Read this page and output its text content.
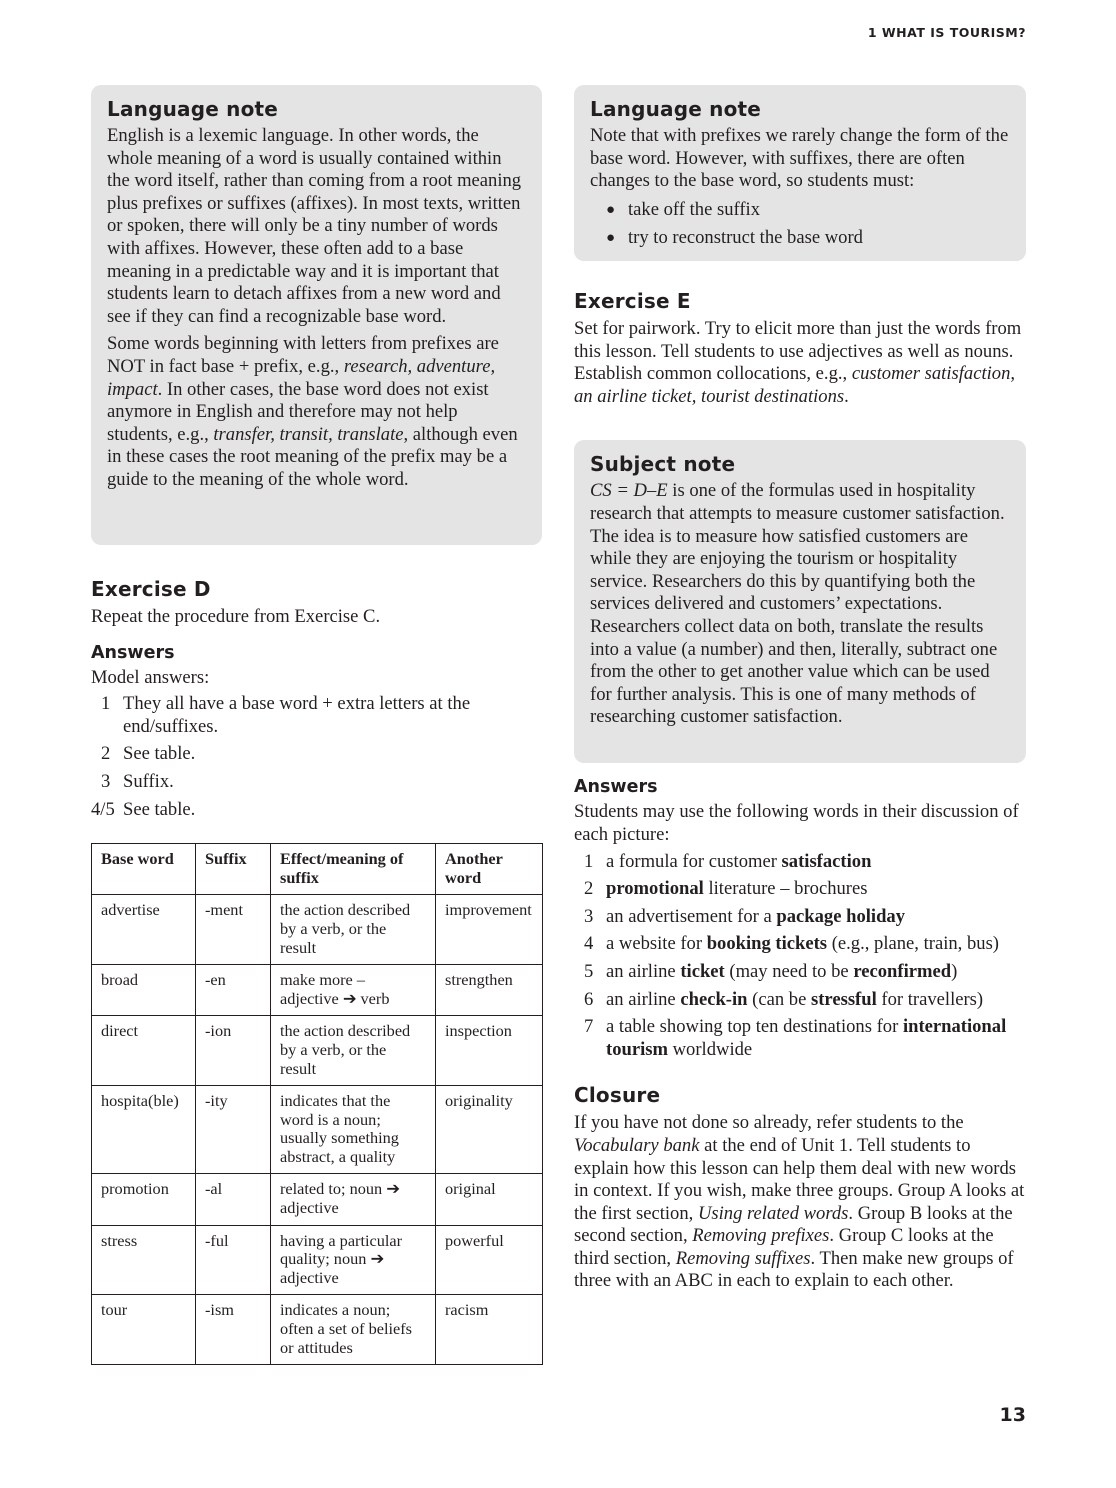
1 WHAT IS TOURISM?
Language note

English is a lexemic language. In other words, the whole meaning of a word is usually contained within the word itself, rather than coming from a root meaning plus prefixes or suffixes (affixes). In most texts, written or spoken, there will only be a tiny number of words with affixes. However, these often add to a base meaning in a predictable way and it is important that students learn to detach affixes from a new word and see if they can find a recognizable base word.

Some words beginning with letters from prefixes are NOT in fact base + prefix, e.g., research, adventure, impact. In other cases, the base word does not exist anymore in English and therefore may not help students, e.g., transfer, transit, translate, although even in these cases the root meaning of the prefix may be a guide to the meaning of the whole word.

Exercise D

Repeat the procedure from Exercise C.

Answers

Model answers:

1 They all have a base word + extra letters at the end/suffixes.
2 See table.
3 Suffix.
4/5 See table.
Base word	Suffix	Effect/meaning of suffix	Another word
advertise	-ment	the action described by a verb, or the result	improvement
broad	-en	make more – adjective ➔ verb	strengthen
direct	-ion	the action described by a verb, or the result	inspection
hospita(ble)	-ity	indicates that the word is a noun; usually something abstract, a quality	originality
promotion	-al	related to; noun ➔ adjective	original
stress	-ful	having a particular quality; noun ➔ adjective	powerful
tour	-ism	indicates a noun; often a set of beliefs or attitudes	racism
Language note

Note that with prefixes we rarely change the form of the base word. However, with suffixes, there are often changes to the base word, so students must:

● take off the suffix
● try to reconstruct the base word
Exercise E

Set for pairwork. Try to elicit more than just the words from this lesson. Tell students to use adjectives as well as nouns. Establish common collocations, e.g., customer satisfaction, an airline ticket, tourist destinations.

Subject note

CS = D–E is one of the formulas used in hospitality research that attempts to measure customer satisfaction. The idea is to measure how satisfied customers are while they are enjoying the tourism or hospitality service. Researchers do this by quantifying both the services delivered and customers’ expectations. Researchers collect data on both, translate the results into a value (a number) and then, literally, subtract one from the other to get another value which can be used for further analysis. This is one of many methods of researching customer satisfaction.

Answers

Students may use the following words in their discussion of each picture:

1 a formula for customer satisfaction
2 promotional literature – brochures
3 an advertisement for a package holiday
4 a website for booking tickets (e.g., plane, train, bus)
5 an airline ticket (may need to be reconfirmed)
6 an airline check-in (can be stressful for travellers)
7 a table showing top ten destinations for international tourism worldwide
Closure

If you have not done so already, refer students to the Vocabulary bank at the end of Unit 1. Tell students to explain how this lesson can help them deal with new words in context. If you wish, make three groups. Group A looks at the first section, Using related words. Group B looks at the second section, Removing prefixes. Group C looks at the third section, Removing suffixes. Then make new groups of three with an ABC in each to explain to each other.

13
